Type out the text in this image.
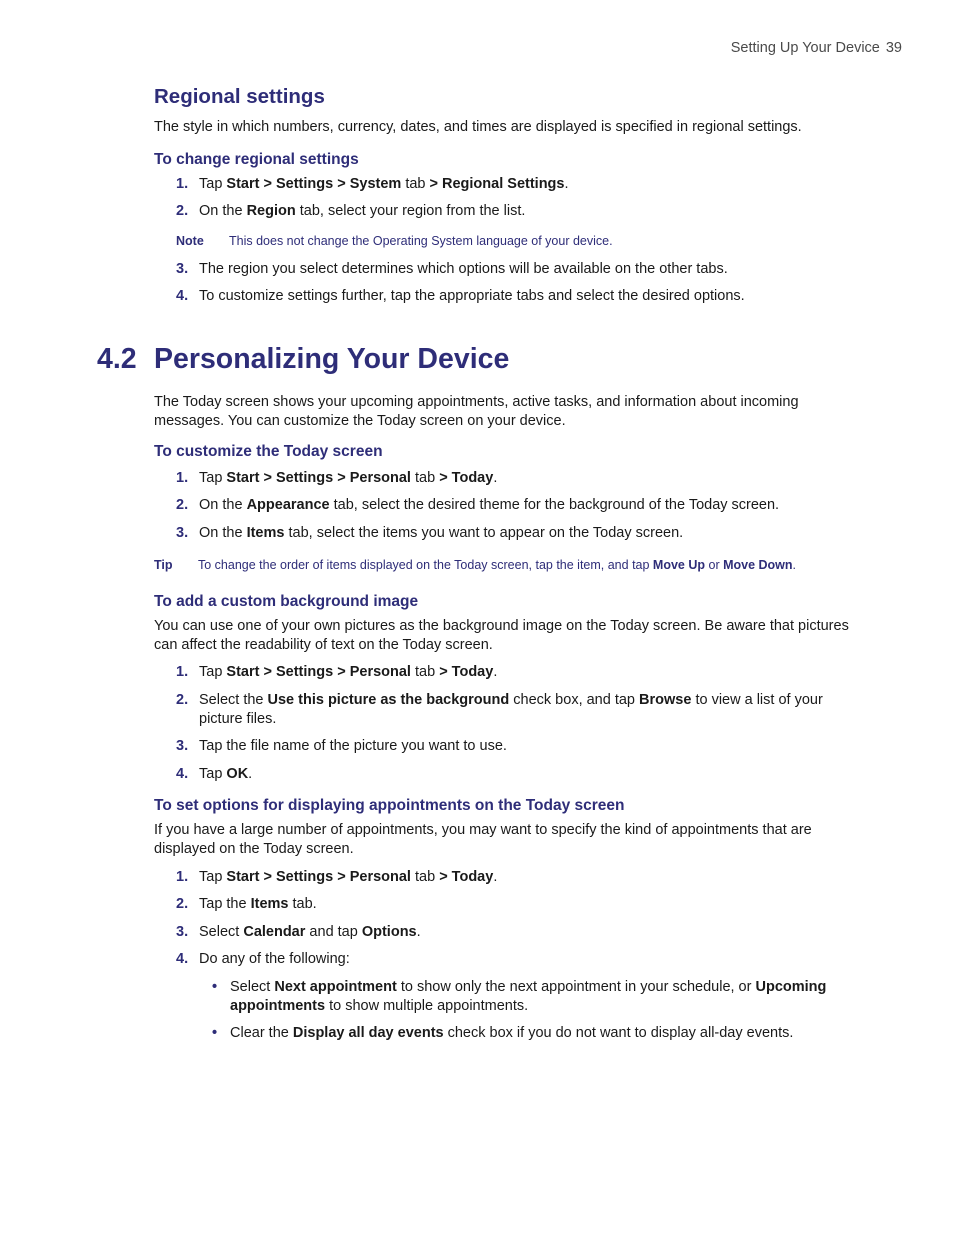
Setting Up Your Device 39
Regional settings
The style in which numbers, currency, dates, and times are displayed is specified in regional settings.
To change regional settings
1. Tap Start > Settings > System tab > Regional Settings.
2. On the Region tab, select your region from the list.
Note This does not change the Operating System language of your device.
3. The region you select determines which options will be available on the other tabs.
4. To customize settings further, tap the appropriate tabs and select the desired options.
4.2 Personalizing Your Device
The Today screen shows your upcoming appointments, active tasks, and information about incoming messages. You can customize the Today screen on your device.
To customize the Today screen
1. Tap Start > Settings > Personal tab > Today.
2. On the Appearance tab, select the desired theme for the background of the Today screen.
3. On the Items tab, select the items you want to appear on the Today screen.
Tip To change the order of items displayed on the Today screen, tap the item, and tap Move Up or Move Down.
To add a custom background image
You can use one of your own pictures as the background image on the Today screen. Be aware that pictures can affect the readability of text on the Today screen.
1. Tap Start > Settings > Personal tab > Today.
2. Select the Use this picture as the background check box, and tap Browse to view a list of your picture files.
3. Tap the file name of the picture you want to use.
4. Tap OK.
To set options for displaying appointments on the Today screen
If you have a large number of appointments, you may want to specify the kind of appointments that are displayed on the Today screen.
1. Tap Start > Settings > Personal tab > Today.
2. Tap the Items tab.
3. Select Calendar and tap Options.
4. Do any of the following:
• Select Next appointment to show only the next appointment in your schedule, or Upcoming appointments to show multiple appointments.
• Clear the Display all day events check box if you do not want to display all-day events.
